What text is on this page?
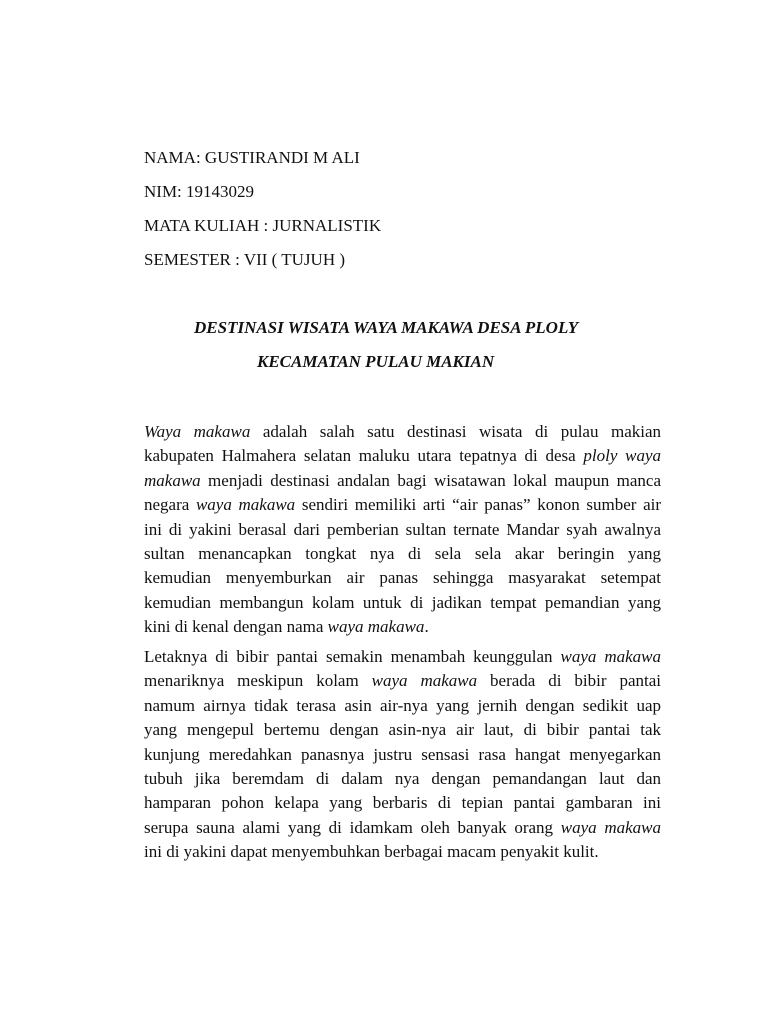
NAMA: GUSTIRANDI M ALI
NIM: 19143029
MATA KULIAH : JURNALISTIK
SEMESTER : VII ( TUJUH )
DESTINASI WISATA WAYA MAKAWA DESA PLOLY
KECAMATAN PULAU MAKIAN
Waya makawa adalah salah satu destinasi wisata di pulau makian
kabupaten Halmahera selatan maluku utara tepatnya di desa ploly waya
makawa menjadi destinasi andalan bagi wisatawan lokal maupun manca
negara waya makawa sendiri memiliki arti “air panas” konon sumber air
ini di yakini berasal dari pemberian sultan ternate Mandar syah awalnya
sultan menancapkan tongkat nya di sela sela akar beringin yang
kemudian menyemburkan air panas sehingga masyarakat setempat
kemudian membangun kolam untuk di jadikan tempat pemandian yang
kini di kenal dengan nama waya makawa.
Letaknya di bibir pantai semakin menambah keunggulan waya makawa
menariknya meskipun kolam waya makawa berada di bibir pantai
namum airnya tidak terasa asin air-nya yang jernih dengan sedikit uap
yang mengepul bertemu dengan asin-nya air laut, di bibir pantai tak
kunjung meredahkan panasnya justru sensasi rasa hangat menyegarkan
tubuh jika beremdam di dalam nya dengan pemandangan laut dan
hamparan pohon kelapa yang berbaris di tepian pantai gambaran ini
serupa sauna alami yang di idamkam oleh banyak orang waya makawa
ini di yakini dapat menyembuhkan berbagai macam penyakit kulit.
